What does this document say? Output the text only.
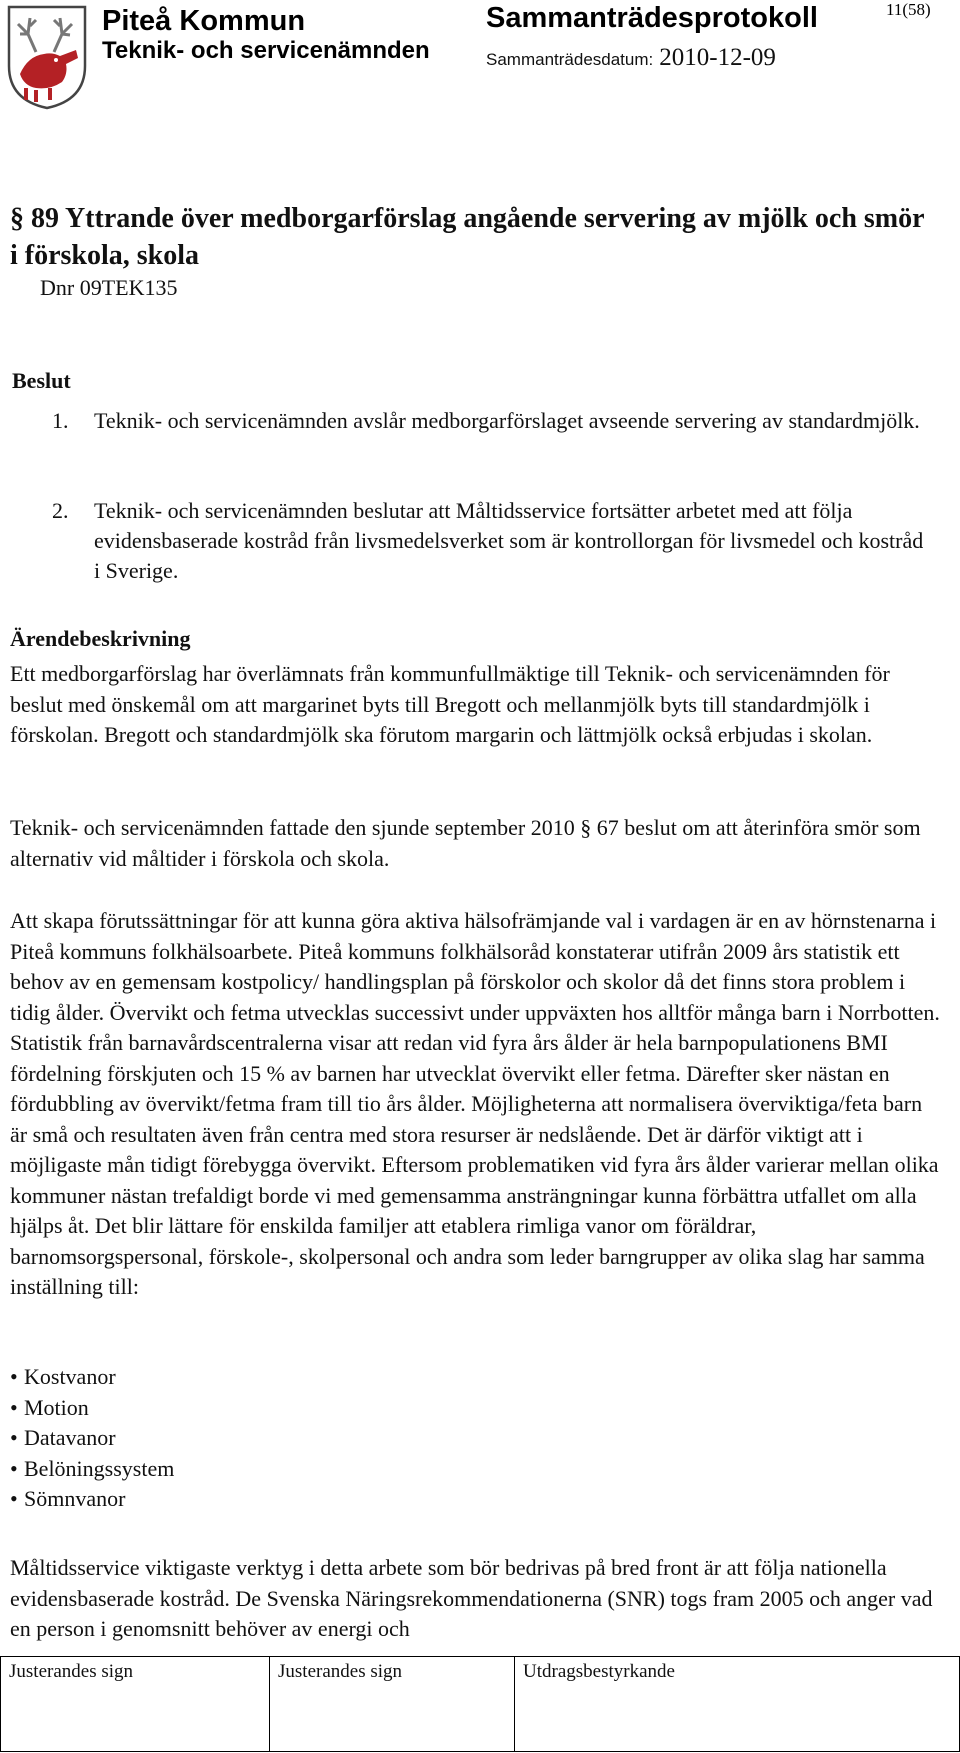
Piteå Kommun
Teknik- och servicenämnden
Sammanträdesprotokoll	11(58)
Sammanträdesdatum: 2010-12-09
§ 89 Yttrande över medborgarförslag angående servering av mjölk och smör i förskola, skola
Dnr 09TEK135
Beslut
1. Teknik- och servicenämnden avslår medborgarförslaget avseende servering av standardmjölk.
2. Teknik- och servicenämnden beslutar att Måltidsservice fortsätter arbetet med att följa evidensbaserade kostråd från livsmedelsverket som är kontrollorgan för livsmedel och kostråd i Sverige.
Ärendebeskrivning
Ett medborgarförslag har överlämnats från kommunfullmäktige till Teknik- och servicenämnden för beslut med önskemål om att margarinet byts till Bregott och mellanmjölk byts till standardmjölk i förskolan. Bregott och standardmjölk ska förutom margarin och lättmjölk också erbjudas i skolan.
Teknik- och servicenämnden fattade den sjunde september 2010 § 67 beslut om att återinföra smör som alternativ vid måltider i förskola och skola.
Att skapa förutssättningar för att kunna göra aktiva hälsofrämjande val i vardagen är en av hörnstenarna i Piteå kommuns folkhälsoarbete. Piteå kommuns folkhälsoråd konstaterar utifrån 2009 års statistik ett behov av en gemensam kostpolicy/ handlingsplan på förskolor och skolor då det finns stora problem i tidig ålder. Övervikt och fetma utvecklas successivt under uppväxten hos alltför många barn i Norrbotten. Statistik från barnavårdscentralerna visar att redan vid fyra års ålder är hela barnpopulationens BMI fördelning förskjuten och 15 % av barnen har utvecklat övervikt eller fetma. Därefter sker nästan en fördubbling av övervikt/fetma fram till tio års ålder. Möjligheterna att normalisera överviktiga/feta barn är små och resultaten även från centra med stora resurser är nedslående. Det är därför viktigt att i möjligaste mån tidigt förebygga övervikt. Eftersom problematiken vid fyra års ålder varierar mellan olika kommuner nästan trefaldigt borde vi med gemensamma ansträngningar kunna förbättra utfallet om alla hjälps åt. Det blir lättare för enskilda familjer att etablera rimliga vanor om föräldrar, barnomsorgspersonal, förskole-, skolpersonal och andra som leder barngrupper av olika slag har samma inställning till:
• Kostvanor
• Motion
• Datavanor
• Belöningssystem
• Sömnvanor
Måltidsservice viktigaste verktyg i detta arbete som bör bedrivas på bred front är att följa nationella evidensbaserade kostråd. De Svenska Näringsrekommendationerna (SNR) togs fram 2005 och anger vad en person i genomsnitt behöver av energi och
Justerandes sign	Justerandes sign	Utdragsbestyrkande
